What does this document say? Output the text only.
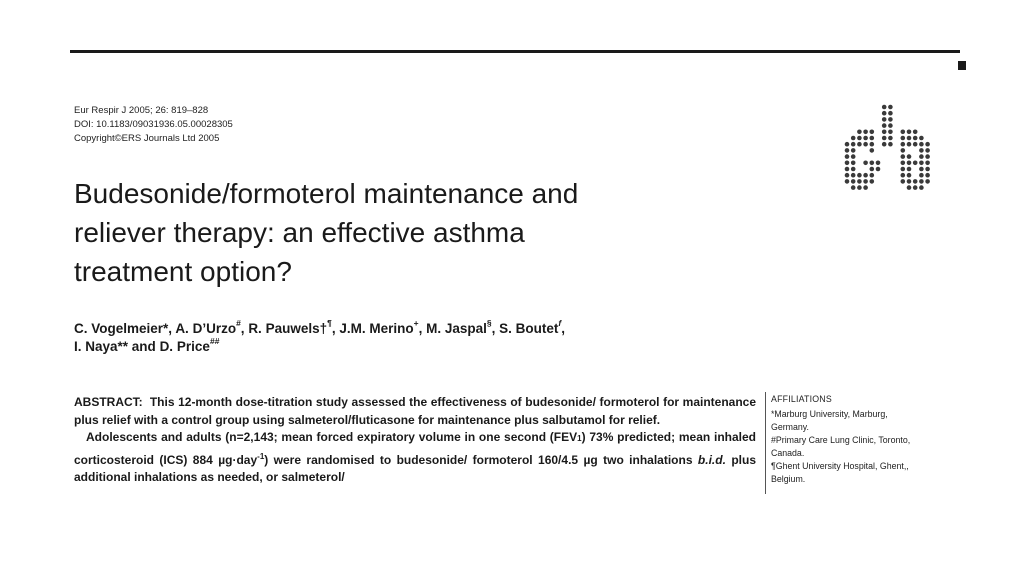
Eur Respir J 2005; 26: 819–828
DOI: 10.1183/09031936.05.00028305
Copyright©ERS Journals Ltd 2005
Budesonide/formoterol maintenance and
reliever therapy: an effective asthma
treatment option?

C. Vogelmeier*, A. D’Urzo#, R. Pauwels†¶, J.M. Merino+, M. Jaspal§, S. Boutet$^f$,
I. Naya** and D. Price##

ABSTRACT: This 12-month dose-titration study assessed the effectiveness of budesonide/ formoterol for maintenance plus relief with a control group using salmeterol/fluticasone for maintenance plus salbutamol for relief.

Adolescents and adults (n=2,143; mean forced expiratory volume in one second (FEV1) 73% predicted; mean inhaled corticosteroid (ICS) 884 µg·day$^{-1}$) were randomised to budesonide/ formoterol 160/4.5 µg two inhalations b.i.d. plus additional inhalations as needed, or salmeterol/

AFFILIATIONS
*Marburg University, Marburg,
Germany.
#Primary Care Lung Clinic, Toronto,
Canada.
¶Ghent University Hospital, Ghent,,
Belgium.
